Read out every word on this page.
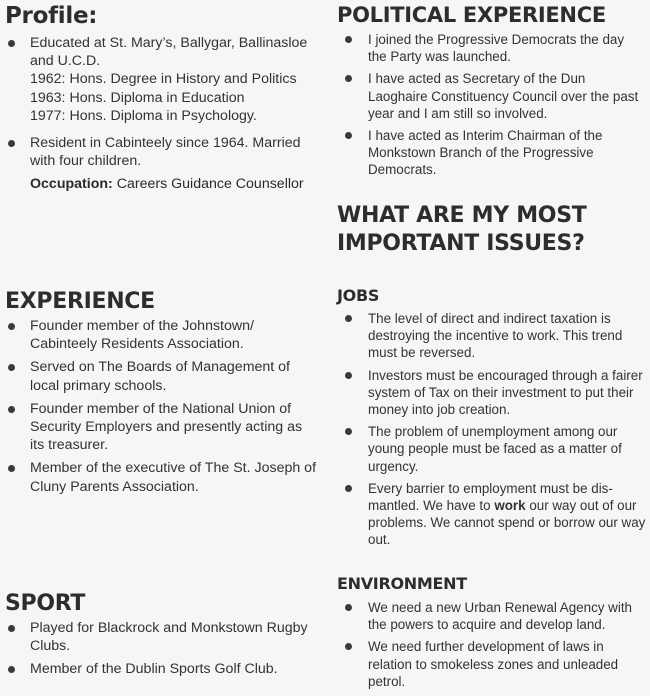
Profile:
Educated at St. Mary’s, Ballygar, Ballinasloe and U.C.D.
1962: Hons. Degree in History and Politics
1963: Hons. Diploma in Education
1977: Hons. Diploma in Psychology.
Resident in Cabinteely since 1964. Married with four children.
Occupation: Careers Guidance Counsellor
EXPERIENCE
Founder member of the Johnstown/ Cabinteely Residents Association.
Served on The Boards of Management of local primary schools.
Founder member of the National Union of Security Employers and presently acting as its treasurer.
Member of the executive of The St. Joseph of Cluny Parents Association.
SPORT
Played for Blackrock and Monkstown Rugby Clubs.
Member of the Dublin Sports Golf Club.
POLITICAL EXPERIENCE
I joined the Progressive Democrats the day the Party was launched.
I have acted as Secretary of the Dun Laoghaire Constituency Council over the past year and I am still so involved.
I have acted as Interim Chairman of the Monkstown Branch of the Progressive Democrats.
WHAT ARE MY MOST
IMPORTANT ISSUES?
JOBS
The level of direct and indirect taxation is destroying the incentive to work. This trend must be reversed.
Investors must be encouraged through a fairer system of Tax on their investment to put their money into job creation.
The problem of unemployment among our young people must be faced as a matter of urgency.
Every barrier to employment must be dis-mantled. We have to work our way out of our problems. We cannot spend or borrow our way out.
ENVIRONMENT
We need a new Urban Renewal Agency with the powers to acquire and develop land.
We need further development of laws in relation to smokeless zones and unleaded petrol.
